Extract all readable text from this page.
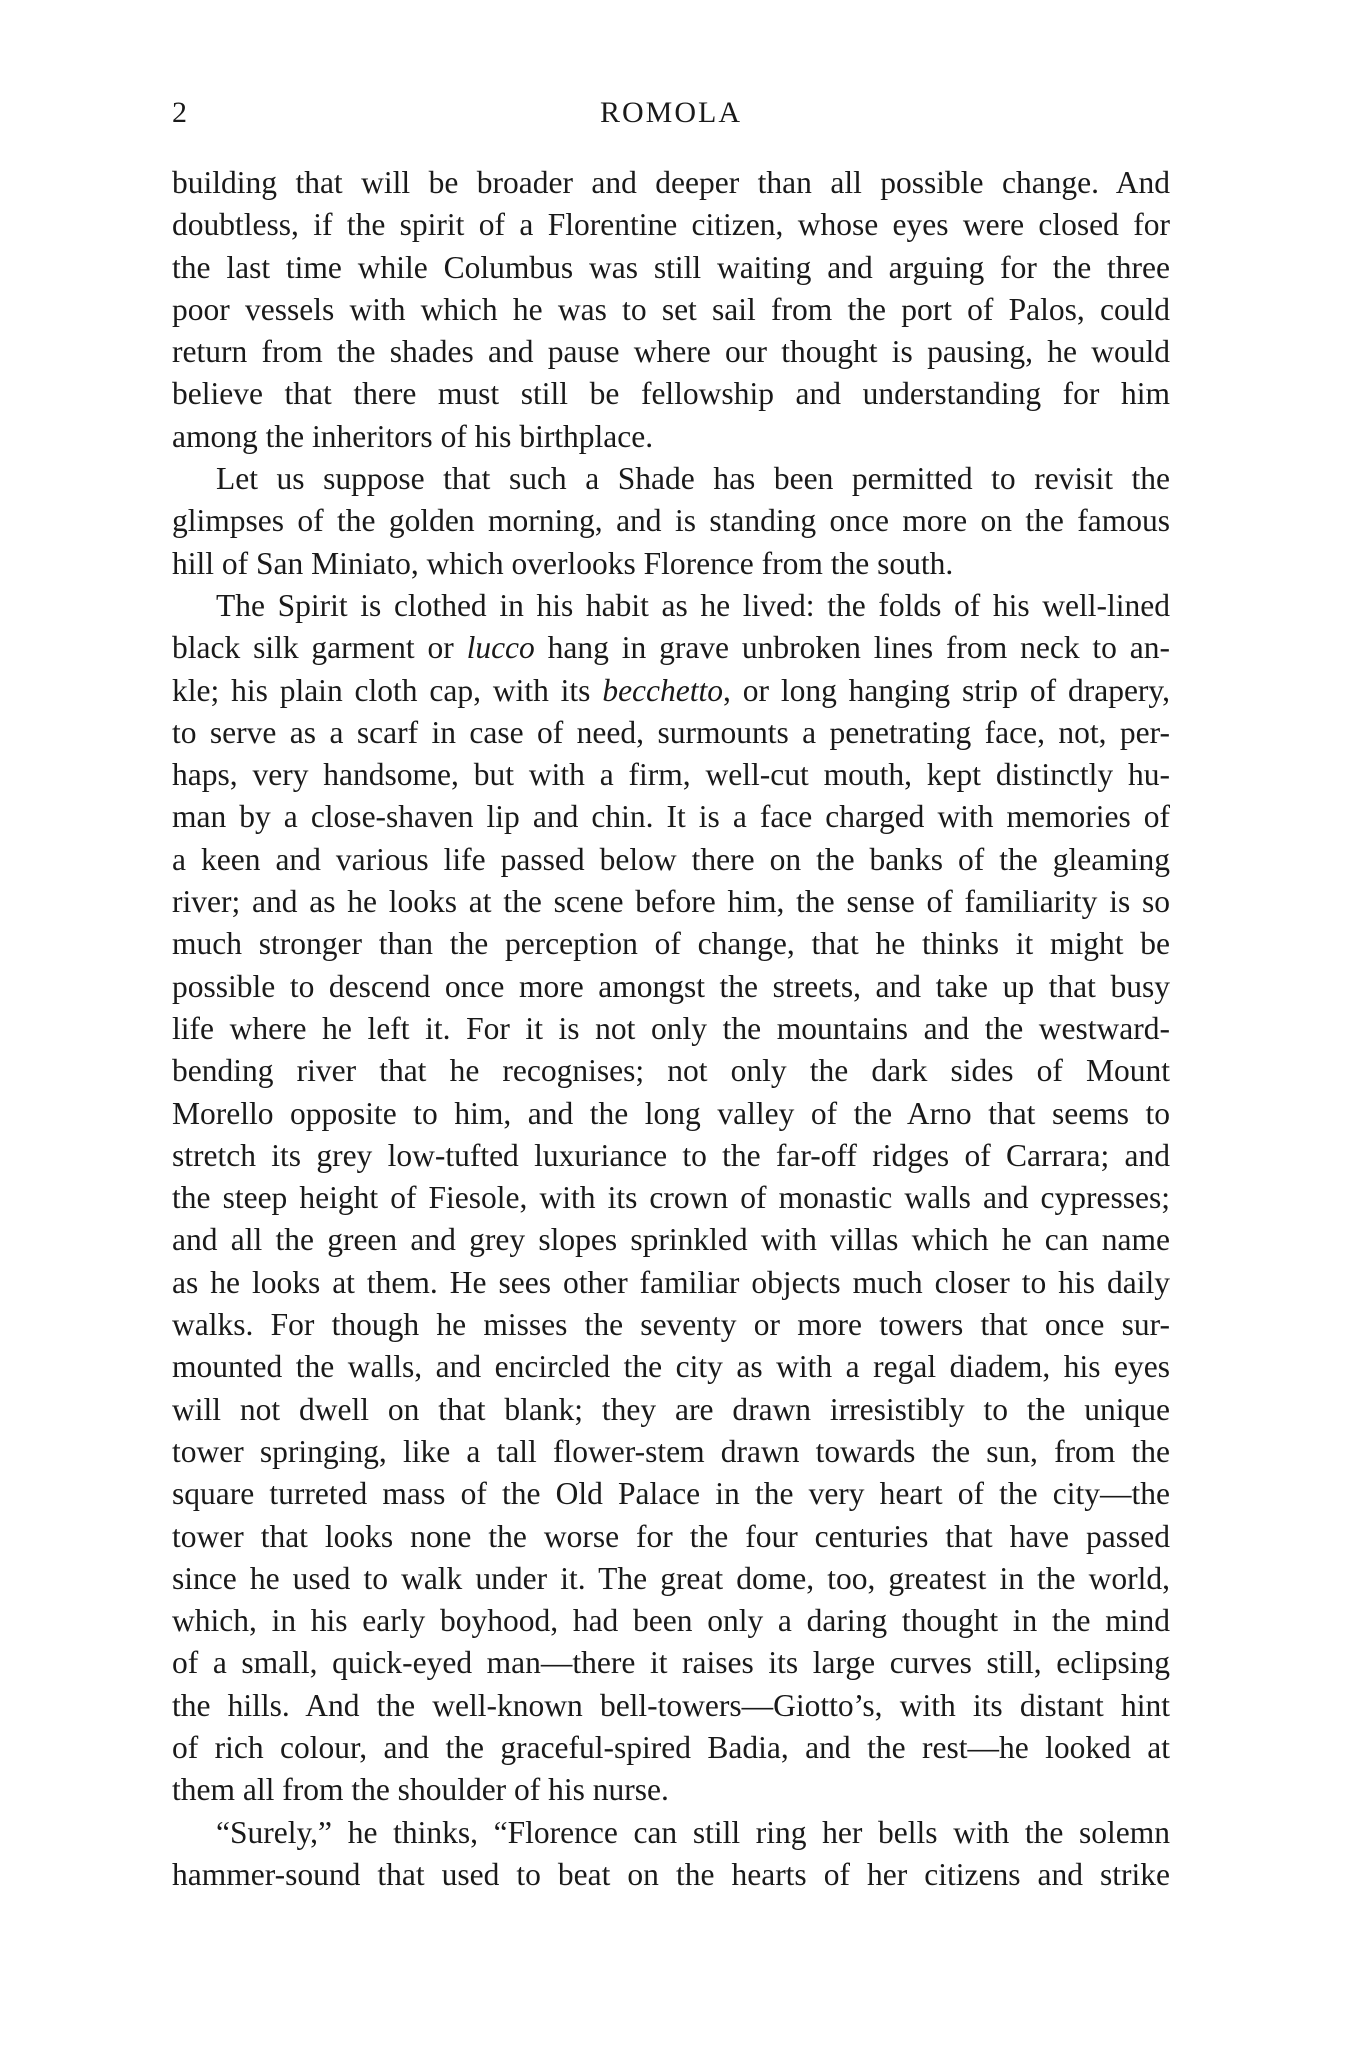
2	ROMOLA
building that will be broader and deeper than all possible change. And
doubtless, if the spirit of a Florentine citizen, whose eyes were closed for
the last time while Columbus was still waiting and arguing for the three
poor vessels with which he was to set sail from the port of Palos, could
return from the shades and pause where our thought is pausing, he would
believe that there must still be fellowship and understanding for him
among the inheritors of his birthplace.
Let us suppose that such a Shade has been permitted to revisit the
glimpses of the golden morning, and is standing once more on the famous
hill of San Miniato, which overlooks Florence from the south.
The Spirit is clothed in his habit as he lived: the folds of his well-lined
black silk garment or lucco hang in grave unbroken lines from neck to an-
kle; his plain cloth cap, with its becchetto, or long hanging strip of drapery,
to serve as a scarf in case of need, surmounts a penetrating face, not, per-
haps, very handsome, but with a firm, well-cut mouth, kept distinctly hu-
man by a close-shaven lip and chin. It is a face charged with memories of
a keen and various life passed below there on the banks of the gleaming
river; and as he looks at the scene before him, the sense of familiarity is so
much stronger than the perception of change, that he thinks it might be
possible to descend once more amongst the streets, and take up that busy
life where he left it. For it is not only the mountains and the westward-
bending river that he recognises; not only the dark sides of Mount
Morello opposite to him, and the long valley of the Arno that seems to
stretch its grey low-tufted luxuriance to the far-off ridges of Carrara; and
the steep height of Fiesole, with its crown of monastic walls and cypresses;
and all the green and grey slopes sprinkled with villas which he can name
as he looks at them. He sees other familiar objects much closer to his daily
walks. For though he misses the seventy or more towers that once sur-
mounted the walls, and encircled the city as with a regal diadem, his eyes
will not dwell on that blank; they are drawn irresistibly to the unique
tower springing, like a tall flower-stem drawn towards the sun, from the
square turreted mass of the Old Palace in the very heart of the city—the
tower that looks none the worse for the four centuries that have passed
since he used to walk under it. The great dome, too, greatest in the world,
which, in his early boyhood, had been only a daring thought in the mind
of a small, quick-eyed man—there it raises its large curves still, eclipsing
the hills. And the well-known bell-towers—Giotto’s, with its distant hint
of rich colour, and the graceful-spired Badia, and the rest—he looked at
them all from the shoulder of his nurse.
“Surely,” he thinks, “Florence can still ring her bells with the solemn
hammer-sound that used to beat on the hearts of her citizens and strike
